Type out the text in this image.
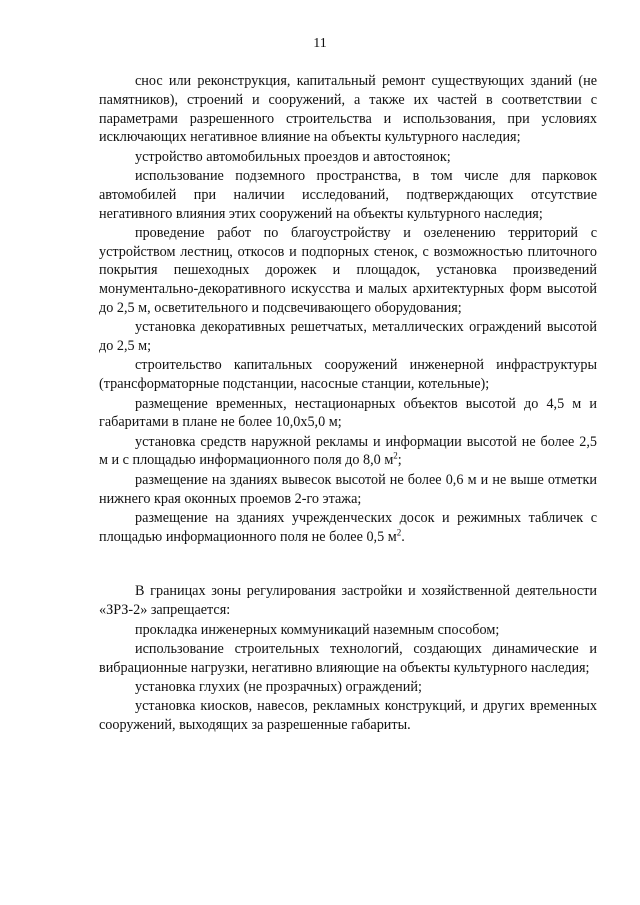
11

снос или реконструкция, капитальный ремонт существующих зданий (не памятников), строений и сооружений, а также их частей в соответствии с параметрами разрешенного строительства и использования, при условиях исключающих негативное влияние на объекты культурного наследия;

устройство автомобильных проездов и автостоянок;

использование подземного пространства, в том числе для парковок автомобилей при наличии исследований, подтверждающих отсутствие негативного влияния этих сооружений на объекты культурного наследия;

проведение работ по благоустройству и озеленению территорий с устройством лестниц, откосов и подпорных стенок, с возможностью плиточного покрытия пешеходных дорожек и площадок, установка произведений монументально-декоративного искусства и малых архитектурных форм высотой до 2,5 м, осветительного и подсвечивающего оборудования;

установка декоративных решетчатых, металлических ограждений высотой до 2,5 м;

строительство капитальных сооружений инженерной инфраструктуры (трансформаторные подстанции, насосные станции, котельные);

размещение временных, нестационарных объектов высотой до 4,5 м и габаритами в плане не более 10,0х5,0 м;

установка средств наружной рекламы и информации высотой не более 2,5 м и с площадью информационного поля до 8,0 $м^2$;

размещение на зданиях вывесок высотой не более 0,6 м и не выше отметки нижнего края оконных проемов 2-го этажа;

размещение на зданиях учрежденческих досок и режимных табличек с площадью информационного поля не более 0,5 $м^2$.

В границах зоны регулирования застройки и хозяйственной деятельности «ЗРЗ-2» запрещается:

прокладка инженерных коммуникаций наземным способом;

использование строительных технологий, создающих динамические и вибрационные нагрузки, негативно влияющие на объекты культурного наследия;

установка глухих (не прозрачных) ограждений;

установка киосков, навесов, рекламных конструкций, и других временных сооружений, выходящих за разрешенные габариты.
